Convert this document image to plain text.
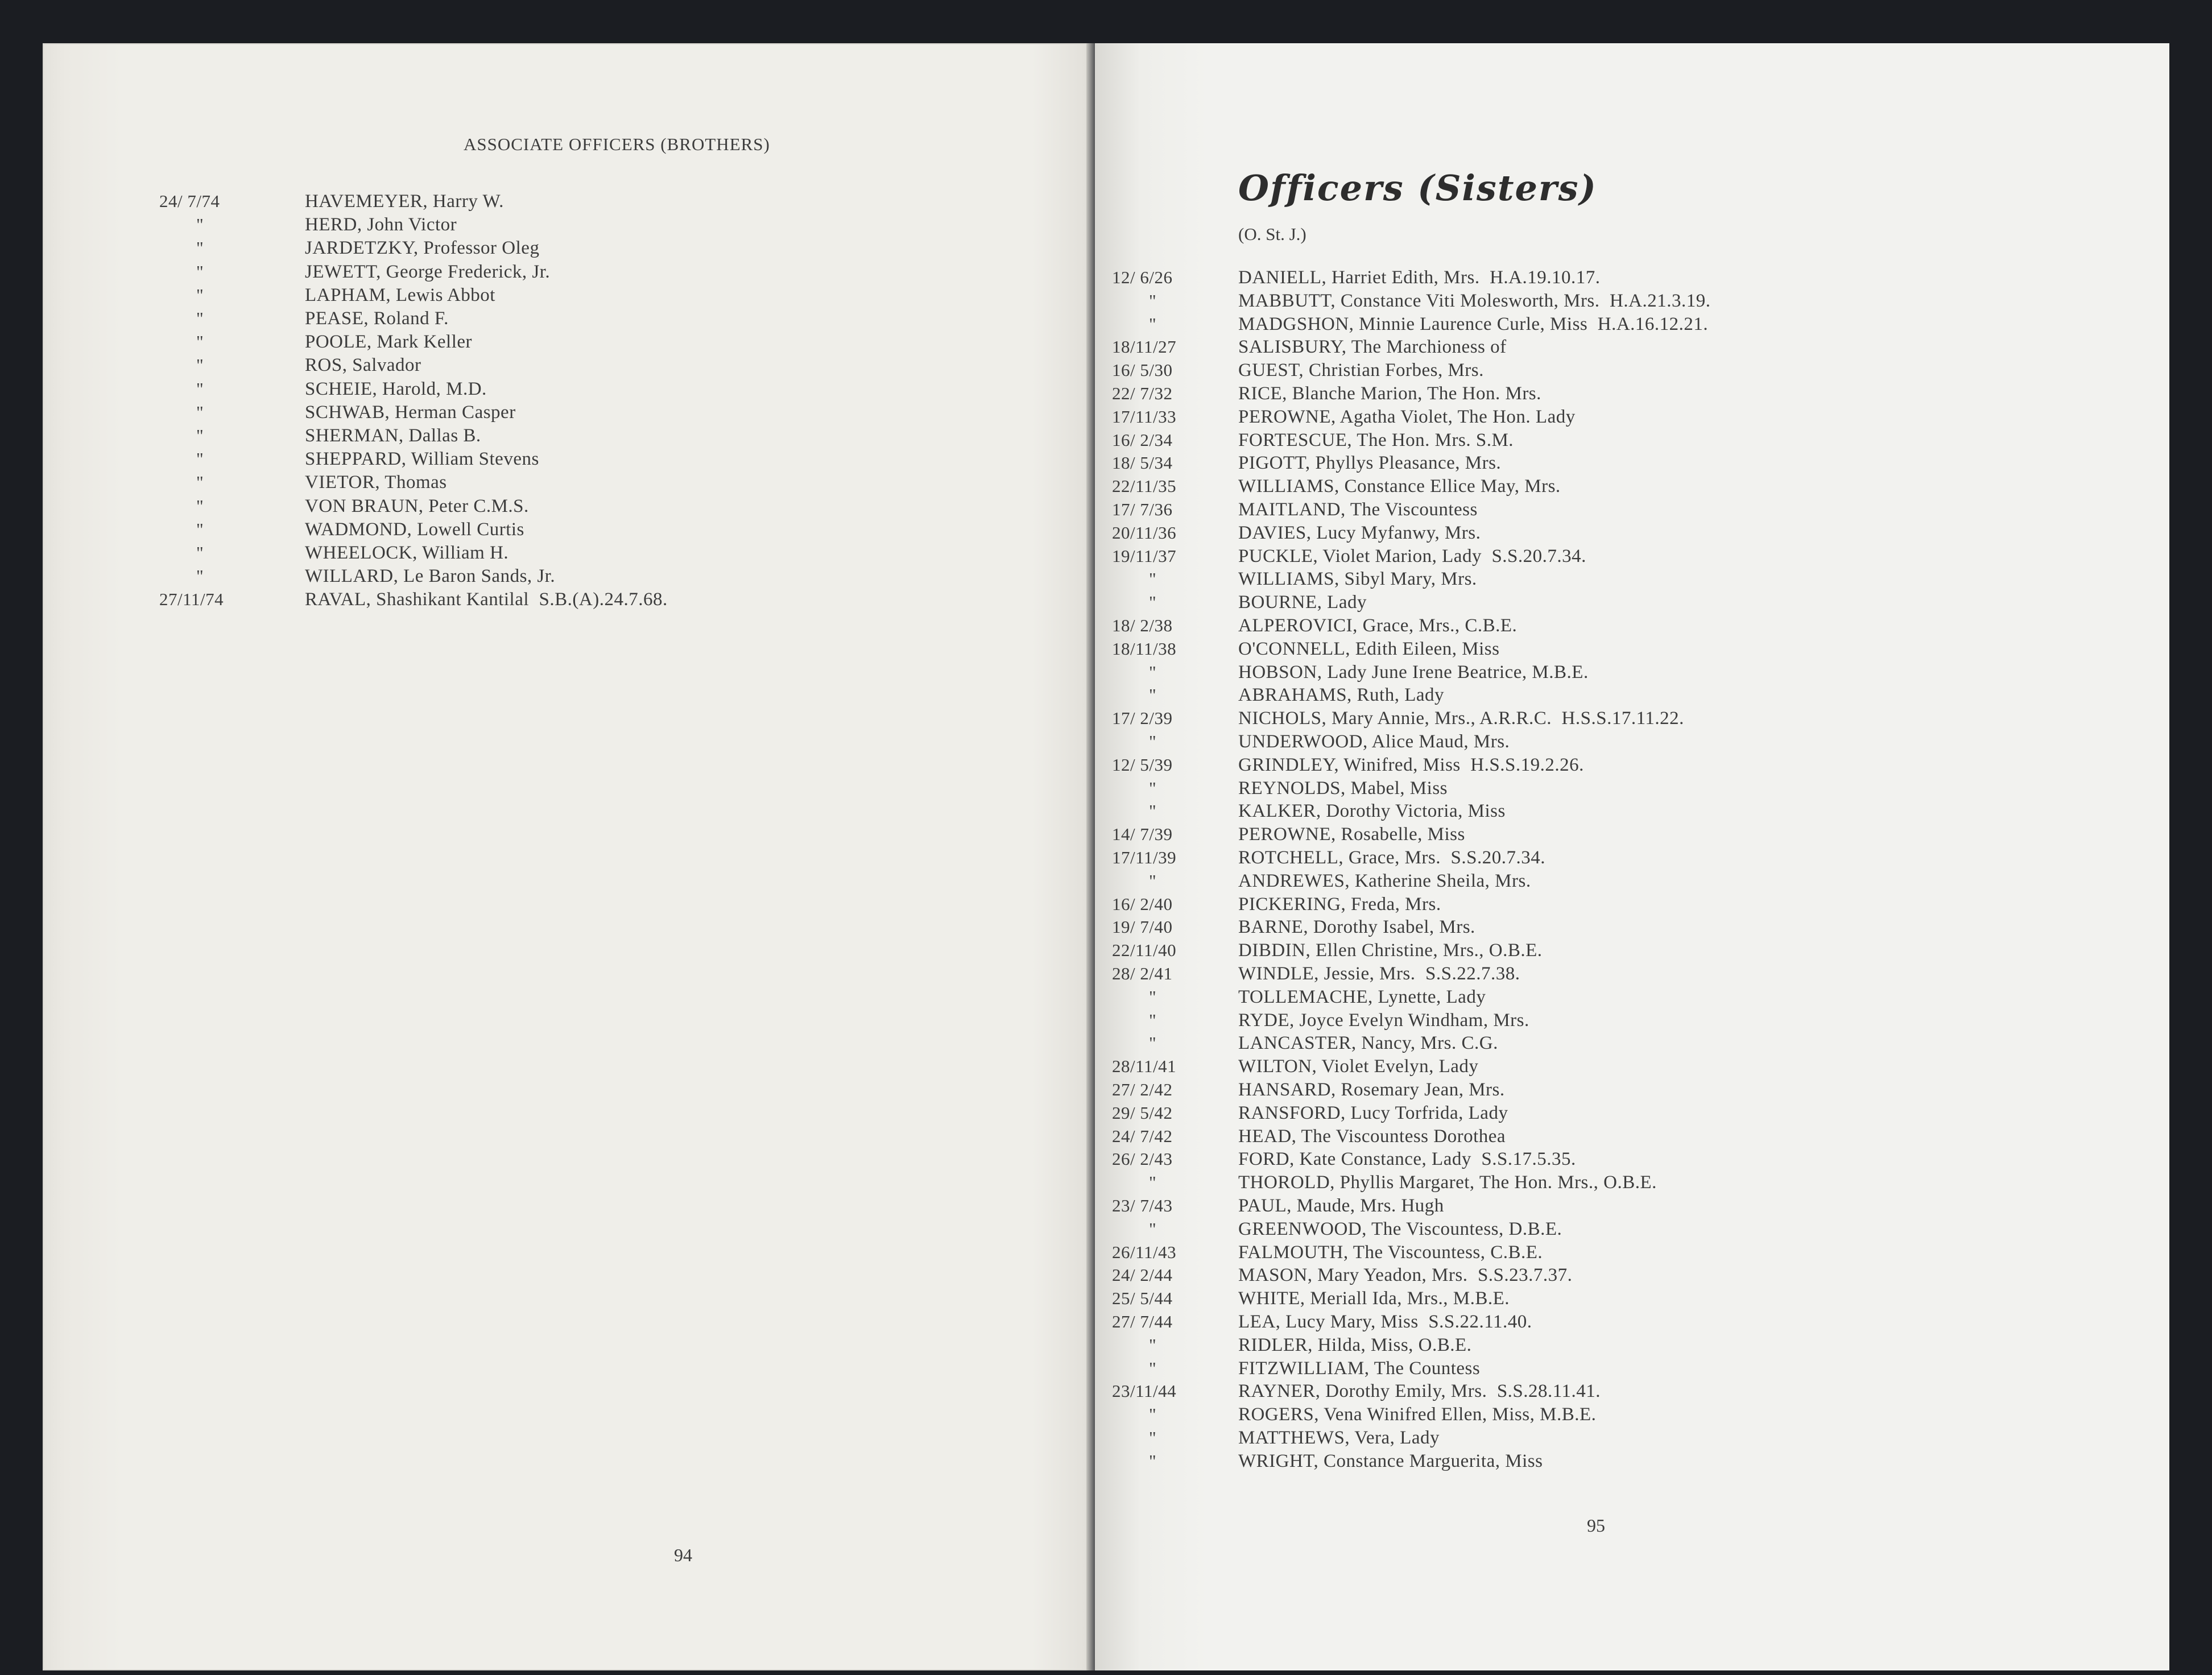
ASSOCIATE OFFICERS (BROTHERS)
24/ 7/74	HAVEMEYER, Harry W.
"	HERD, John Victor
"	JARDETZKY, Professor Oleg
"	JEWETT, George Frederick, Jr.
"	LAPHAM, Lewis Abbot
"	PEASE, Roland F.
"	POOLE, Mark Keller
"	ROS, Salvador
"	SCHEIE, Harold, M.D.
"	SCHWAB, Herman Casper
"	SHERMAN, Dallas B.
"	SHEPPARD, William Stevens
"	VIETOR, Thomas
"	VON BRAUN, Peter C.M.S.
"	WADMOND, Lowell Curtis
"	WHEELOCK, William H.
"	WILLARD, Le Baron Sands, Jr.
27/11/74	RAVAL, Shashikant Kantilal  S.B.(A).24.7.68.
94
Officers (Sisters)
(O. St. J.)
12/ 6/26	DANIELL, Harriet Edith, Mrs.  H.A.19.10.17.
"	MABBUTT, Constance Viti Molesworth, Mrs.  H.A.21.3.19.
"	MADGSHON, Minnie Laurence Curle, Miss  H.A.16.12.21.
18/11/27	SALISBURY, The Marchioness of
16/ 5/30	GUEST, Christian Forbes, Mrs.
22/ 7/32	RICE, Blanche Marion, The Hon. Mrs.
17/11/33	PEROWNE, Agatha Violet, The Hon. Lady
16/ 2/34	FORTESCUE, The Hon. Mrs. S.M.
18/ 5/34	PIGOTT, Phyllys Pleasance, Mrs.
22/11/35	WILLIAMS, Constance Ellice May, Mrs.
17/ 7/36	MAITLAND, The Viscountess
20/11/36	DAVIES, Lucy Myfanwy, Mrs.
19/11/37	PUCKLE, Violet Marion, Lady  S.S.20.7.34.
"	WILLIAMS, Sibyl Mary, Mrs.
"	BOURNE, Lady
18/ 2/38	ALPEROVICI, Grace, Mrs., C.B.E.
18/11/38	O'CONNELL, Edith Eileen, Miss
"	HOBSON, Lady June Irene Beatrice, M.B.E.
"	ABRAHAMS, Ruth, Lady
17/ 2/39	NICHOLS, Mary Annie, Mrs., A.R.R.C.  H.S.S.17.11.22.
"	UNDERWOOD, Alice Maud, Mrs.
12/ 5/39	GRINDLEY, Winifred, Miss  H.S.S.19.2.26.
"	REYNOLDS, Mabel, Miss
"	KALKER, Dorothy Victoria, Miss
14/ 7/39	PEROWNE, Rosabelle, Miss
17/11/39	ROTCHELL, Grace, Mrs.  S.S.20.7.34.
"	ANDREWES, Katherine Sheila, Mrs.
16/ 2/40	PICKERING, Freda, Mrs.
19/ 7/40	BARNE, Dorothy Isabel, Mrs.
22/11/40	DIBDIN, Ellen Christine, Mrs., O.B.E.
28/ 2/41	WINDLE, Jessie, Mrs.  S.S.22.7.38.
"	TOLLEMACHE, Lynette, Lady
"	RYDE, Joyce Evelyn Windham, Mrs.
"	LANCASTER, Nancy, Mrs. C.G.
28/11/41	WILTON, Violet Evelyn, Lady
27/ 2/42	HANSARD, Rosemary Jean, Mrs.
29/ 5/42	RANSFORD, Lucy Torfrida, Lady
24/ 7/42	HEAD, The Viscountess Dorothea
26/ 2/43	FORD, Kate Constance, Lady  S.S.17.5.35.
"	THOROLD, Phyllis Margaret, The Hon. Mrs., O.B.E.
23/ 7/43	PAUL, Maude, Mrs. Hugh
"	GREENWOOD, The Viscountess, D.B.E.
26/11/43	FALMOUTH, The Viscountess, C.B.E.
24/ 2/44	MASON, Mary Yeadon, Mrs.  S.S.23.7.37.
25/ 5/44	WHITE, Meriall Ida, Mrs., M.B.E.
27/ 7/44	LEA, Lucy Mary, Miss  S.S.22.11.40.
"	RIDLER, Hilda, Miss, O.B.E.
"	FITZWILLIAM, The Countess
23/11/44	RAYNER, Dorothy Emily, Mrs.  S.S.28.11.41.
"	ROGERS, Vena Winifred Ellen, Miss, M.B.E.
"	MATTHEWS, Vera, Lady
"	WRIGHT, Constance Marguerita, Miss
95
